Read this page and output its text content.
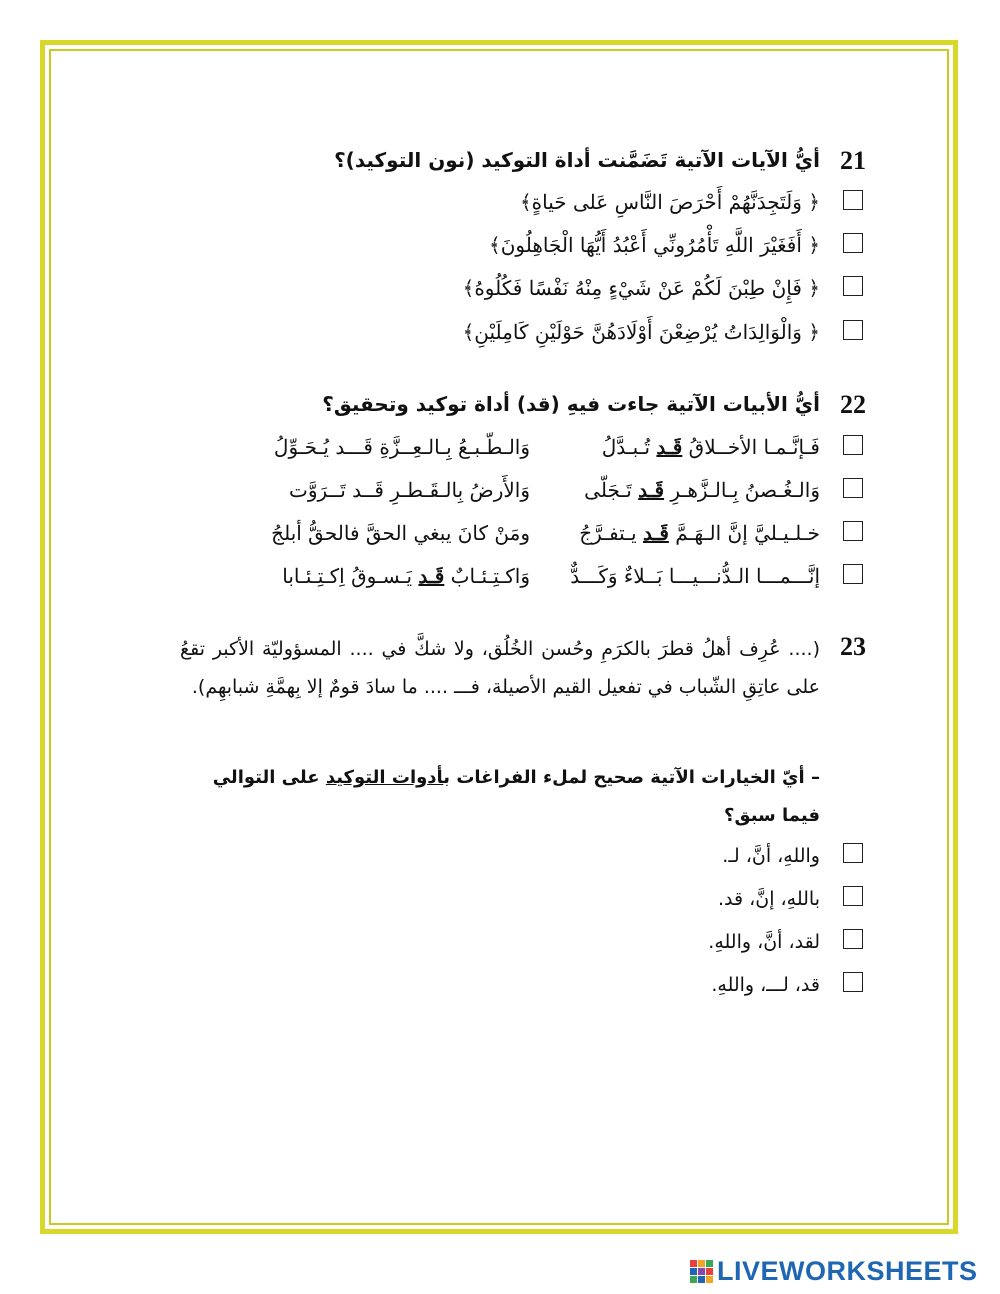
21
أيُّ الآيات الآتية تَضَمَّنت أداة التوكيد (نون التوكيد)؟
﴿ وَلَتَجِدَنَّهُمْ أَحْرَصَ النَّاسِ عَلى حَياةٍ﴾
﴿ أَفَغَيْرَ اللَّهِ تَأْمُرُونِّي أَعْبُدُ أَيُّهَا الْجَاهِلُونَ﴾
﴿ فَإِنْ طِبْنَ لَكُمْ عَنْ شَيْءٍ مِنْهُ نَفْسًا فَكُلُوهُ﴾
﴿ وَالْوَالِدَاتُ يُرْضِعْنَ أَوْلَادَهُنَّ حَوْلَيْنِ كَامِلَيْنِ﴾
22
أيُّ الأبيات الآتية جاءت فيهِ (قد) أداة توكيد وتحقيق؟
فَـإنَّـمـا الأخــلاقُ قَـد تُـبـدَّلُ
وَالـطّـبـعُ بِـالـعِــزَّةِ قَـــد يُـحَـوِّلُ
وَالـغُـصنُ بِـالـزَّهـرِ قَـد تَـجَلّى
وَالأَرضُ بِالـقَـطـرِ قَــد تَــرَوَّت
خـلـيـليَّ إنَّ الـهَـمَّ قَـد يـتفـرَّجُ
ومَنْ كانَ يبغي الحقَّ فالحقُّ أبلجُ
إنَّـــمـــا الـدُّنـــيـــا بَــلاءٌ وَكَـــدٌّ
وَاكـتِـئـابٌ قَـد يَـسـوقُ اِكـتِـئـابا
23
(.... عُرِف أهلُ قطرَ بالكرَمِ وحُسن الخُلُق، ولا شكَّ في .... المسؤوليّة الأكبر تقعُ على عاتِقِ الشّباب في تفعيل القيم الأصيلة، فـــ .... ما سادَ قومٌ إلا بِهمَّةِ شبابهِم).
– أيّ الخيارات الآتية صحيح لملء الفراغات بأدوات التوكيد على التوالي فيما سبق؟
واللهِ، أنَّ، لـ.
باللهِ، إنَّ، قد.
لقد، أنَّ، واللهِ.
قد، لـــ، واللهِ.
LIVEWORKSHEETS
